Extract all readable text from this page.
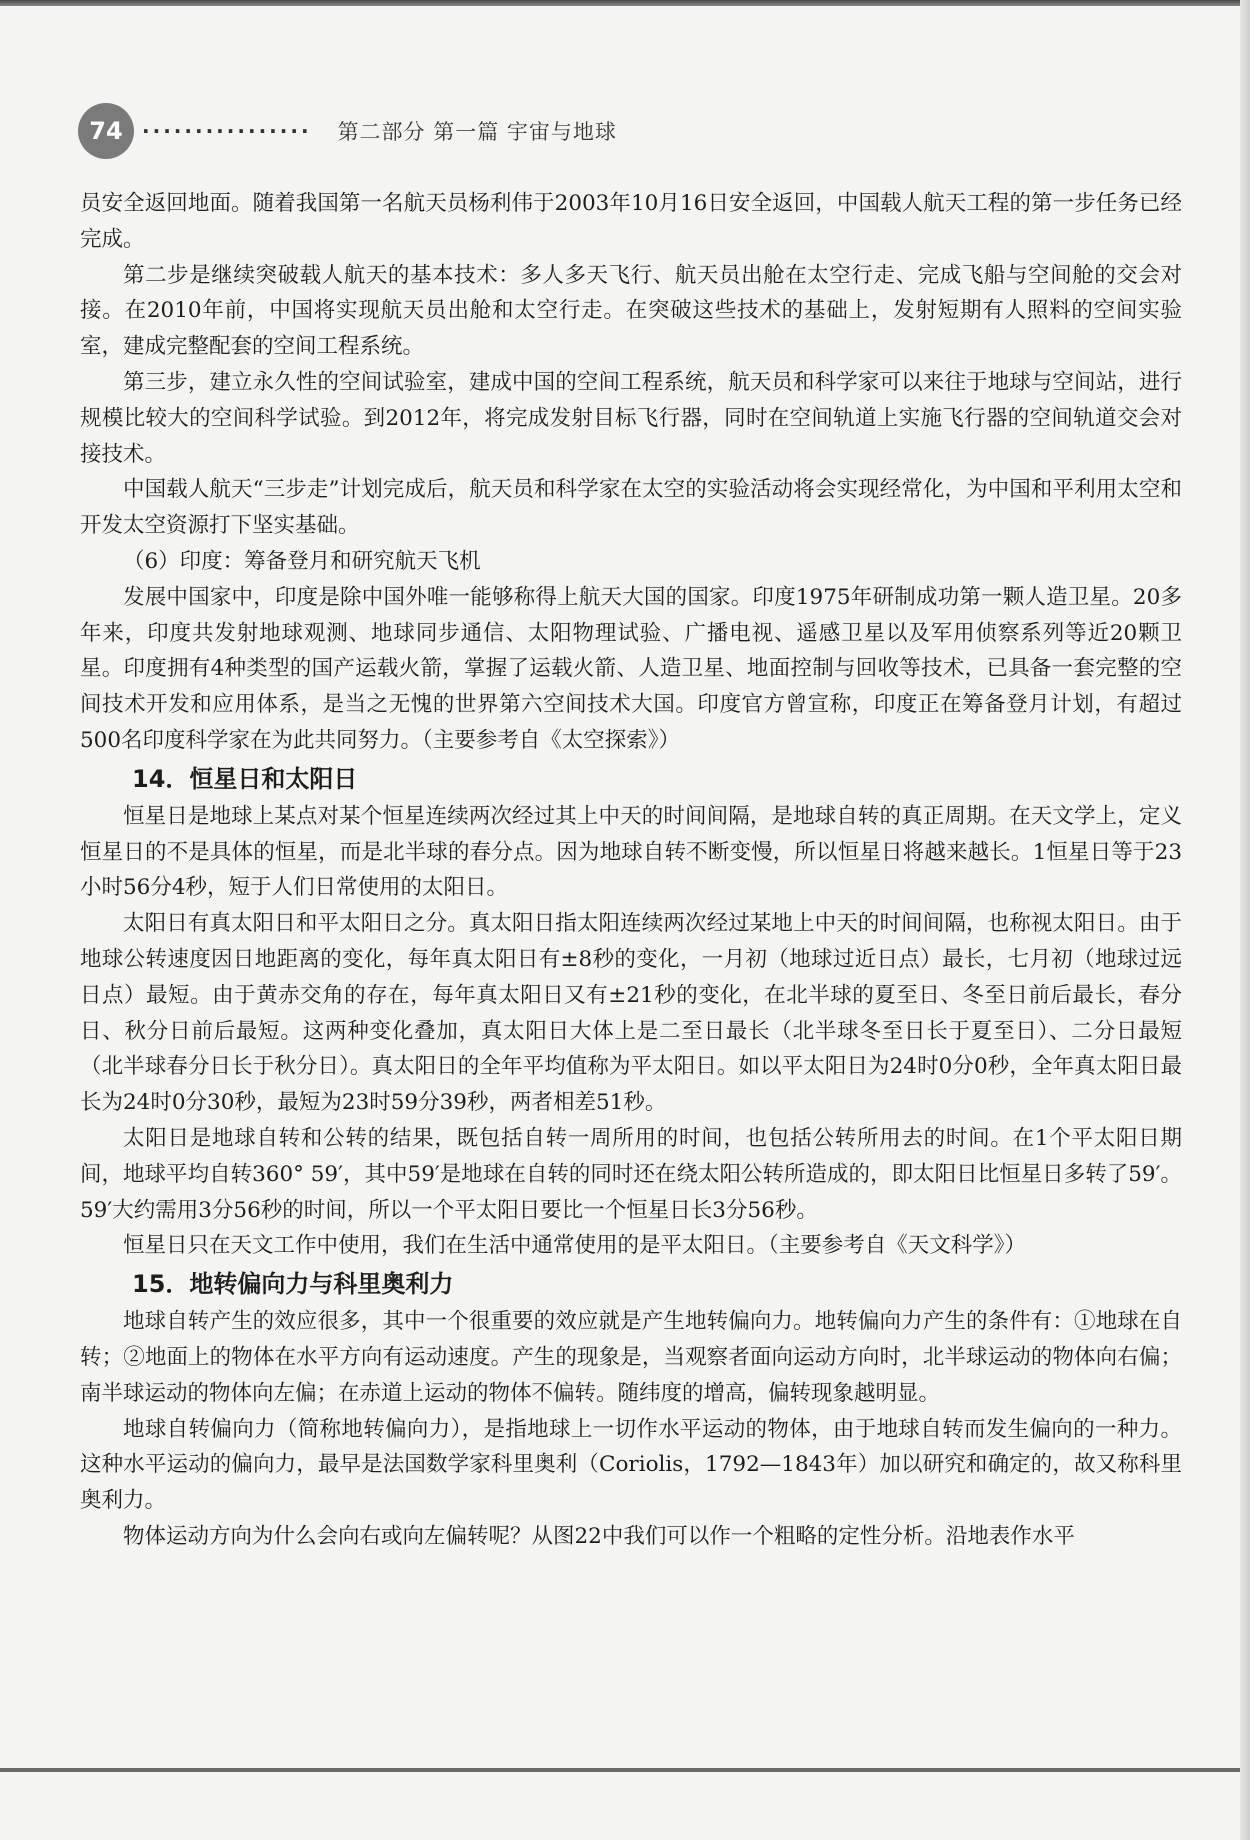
74 ················ 第二部分 第一篇 宇宙与地球

员安全返回地面。随着我国第一名航天员杨利伟于2003年10月16日安全返回，中国载人航天工程的第一步任务已经完成。

第二步是继续突破载人航天的基本技术：多人多天飞行、航天员出舱在太空行走、完成飞船与空间舱的交会对接。在2010年前，中国将实现航天员出舱和太空行走。在突破这些技术的基础上，发射短期有人照料的空间实验室，建成完整配套的空间工程系统。

第三步，建立永久性的空间试验室，建成中国的空间工程系统，航天员和科学家可以来往于地球与空间站，进行规模比较大的空间科学试验。到2012年，将完成发射目标飞行器，同时在空间轨道上实施飞行器的空间轨道交会对接技术。

中国载人航天“三步走”计划完成后，航天员和科学家在太空的实验活动将会实现经常化，为中国和平利用太空和开发太空资源打下坚实基础。

（6）印度：筹备登月和研究航天飞机

发展中国家中，印度是除中国外唯一能够称得上航天大国的国家。印度1975年研制成功第一颗人造卫星。20多年来，印度共发射地球观测、地球同步通信、太阳物理试验、广播电视、遥感卫星以及军用侦察系列等近20颗卫星。印度拥有4种类型的国产运载火箭，掌握了运载火箭、人造卫星、地面控制与回收等技术，已具备一套完整的空间技术开发和应用体系，是当之无愧的世界第六空间技术大国。印度官方曾宣称，印度正在筹备登月计划，有超过500名印度科学家在为此共同努力。（主要参考自《太空探索》）

14．恒星日和太阳日

恒星日是地球上某点对某个恒星连续两次经过其上中天的时间间隔，是地球自转的真正周期。在天文学上，定义恒星日的不是具体的恒星，而是北半球的春分点。因为地球自转不断变慢，所以恒星日将越来越长。1恒星日等于23小时56分4秒，短于人们日常使用的太阳日。

太阳日有真太阳日和平太阳日之分。真太阳日指太阳连续两次经过某地上中天的时间间隔，也称视太阳日。由于地球公转速度因日地距离的变化，每年真太阳日有±8秒的变化，一月初（地球过近日点）最长，七月初（地球过远日点）最短。由于黄赤交角的存在，每年真太阳日又有±21秒的变化，在北半球的夏至日、冬至日前后最长，春分日、秋分日前后最短。这两种变化叠加，真太阳日大体上是二至日最长（北半球冬至日长于夏至日）、二分日最短（北半球春分日长于秋分日）。真太阳日的全年平均值称为平太阳日。如以平太阳日为24时0分0秒，全年真太阳日最长为24时0分30秒，最短为23时59分39秒，两者相差51秒。

太阳日是地球自转和公转的结果，既包括自转一周所用的时间，也包括公转所用去的时间。在1个平太阳日期间，地球平均自转360° 59′，其中59′是地球在自转的同时还在绕太阳公转所造成的，即太阳日比恒星日多转了59′。59′大约需用3分56秒的时间，所以一个平太阳日要比一个恒星日长3分56秒。

恒星日只在天文工作中使用，我们在生活中通常使用的是平太阳日。（主要参考自《天文科学》）

15．地转偏向力与科里奥利力

地球自转产生的效应很多，其中一个很重要的效应就是产生地转偏向力。地转偏向力产生的条件有：①地球在自转；②地面上的物体在水平方向有运动速度。产生的现象是，当观察者面向运动方向时，北半球运动的物体向右偏；南半球运动的物体向左偏；在赤道上运动的物体不偏转。随纬度的增高，偏转现象越明显。

地球自转偏向力（简称地转偏向力），是指地球上一切作水平运动的物体，由于地球自转而发生偏向的一种力。这种水平运动的偏向力，最早是法国数学家科里奥利（Coriolis，1792—1843年）加以研究和确定的，故又称科里奥利力。

物体运动方向为什么会向右或向左偏转呢？从图22中我们可以作一个粗略的定性分析。沿地表作水平
